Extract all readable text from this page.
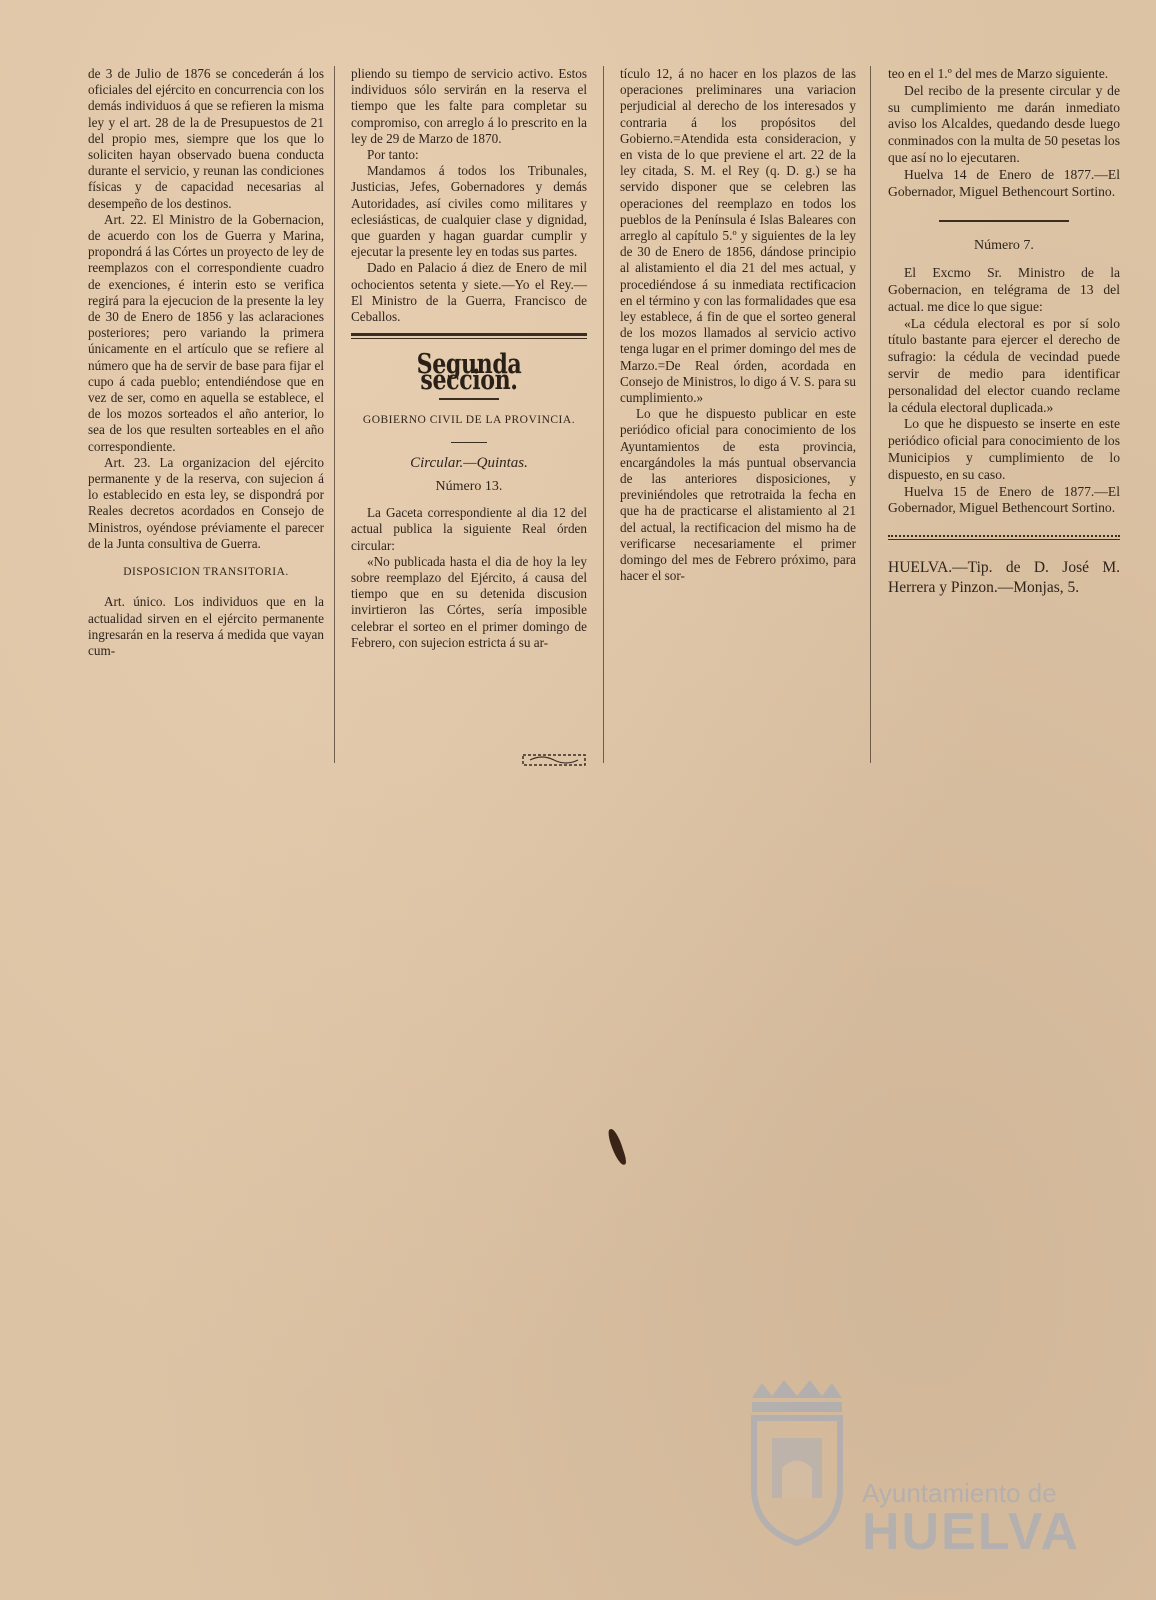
de 3 de Julio de 1876 se concederán á los oficiales del ejército en concurrencia con los demás individuos á que se refieren la misma ley y el art. 28 de la de Presupuestos de 21 del propio mes, siempre que los que lo soliciten hayan observado buena conducta durante el servicio, y reunan las condiciones físicas y de capacidad necesarias al desempeño de los destinos.

Art. 22. El Ministro de la Gobernacion, de acuerdo con los de Guerra y Marina, propondrá á las Córtes un proyecto de ley de reemplazos con el correspondiente cuadro de exenciones, é interin esto se verifica regirá para la ejecucion de la presente la ley de 30 de Enero de 1856 y las aclaraciones posteriores; pero variando la primera únicamente en el artículo que se refiere al número que ha de servir de base para fijar el cupo á cada pueblo; entendiéndose que en vez de ser, como en aquella se establece, el de los mozos sorteados el año anterior, lo sea de los que resulten sorteables en el año correspondiente.

Art. 23. La organizacion del ejército permanente y de la reserva, con sujecion á lo establecido en esta ley, se dispondrá por Reales decretos acordados en Consejo de Ministros, oyéndose préviamente el parecer de la Junta consultiva de Guerra.

DISPOSICION TRANSITORIA.

Art. único. Los individuos que en la actualidad sirven en el ejército permanente ingresarán en la reserva á medida que vayan cum-

pliendo su tiempo de servicio activo. Estos individuos sólo servirán en la reserva el tiempo que les falte para completar su compromiso, con arreglo á lo prescrito en la ley de 29 de Marzo de 1870.

Por tanto:

Mandamos á todos los Tribunales, Justicias, Jefes, Gobernadores y demás Autoridades, así civiles como militares y eclesiásticas, de cualquier clase y dignidad, que guarden y hagan guardar cumplir y ejecutar la presente ley en todas sus partes.

Dado en Palacio á diez de Enero de mil ochocientos setenta y siete.—Yo el Rey.—El Ministro de la Guerra, Francisco de Ceballos.

Segunda seccion.

GOBIERNO CIVIL DE LA PROVINCIA.

Circular.—Quintas.

Número 13.

La Gaceta correspondiente al dia 12 del actual publica la siguiente Real órden circular:

«No publicada hasta el dia de hoy la ley sobre reemplazo del Ejército, á causa del tiempo que en su detenida discusion invirtieron las Córtes, sería imposible celebrar el sorteo en el primer domingo de Febrero, con sujecion estricta á su ar-

tículo 12, á no hacer en los plazos de las operaciones preliminares una variacion perjudicial al derecho de los interesados y contraria á los propósitos del Gobierno.=Atendida esta consideracion, y en vista de lo que previene el art. 22 de la ley citada, S. M. el Rey (q. D. g.) se ha servido disponer que se celebren las operaciones del reemplazo en todos los pueblos de la Península é Islas Baleares con arreglo al capítulo 5.º y siguientes de la ley de 30 de Enero de 1856, dándose principio al alistamiento el dia 21 del mes actual, y procediéndose á su inmediata rectificacion en el término y con las formalidades que esa ley establece, á fin de que el sorteo general de los mozos llamados al servicio activo tenga lugar en el primer domingo del mes de Marzo.=De Real órden, acordada en Consejo de Ministros, lo digo á V. S. para su cumplimiento.»

Lo que he dispuesto publicar en este periódico oficial para conocimiento de los Ayuntamientos de esta provincia, encargándoles la más puntual observancia de las anteriores disposiciones, y previniéndoles que retrotraida la fecha en que ha de practicarse el alistamiento al 21 del actual, la rectificacion del mismo ha de verificarse necesariamente el primer domingo del mes de Febrero próximo, para hacer el sor-

teo en el 1.º del mes de Marzo siguiente.

Del recibo de la presente circular y de su cumplimiento me darán inmediato aviso los Alcaldes, quedando desde luego conminados con la multa de 50 pesetas los que así no lo ejecutaren.

Huelva 14 de Enero de 1877.—El Gobernador, Miguel Bethencourt Sortino.

Número 7.

El Excmo Sr. Ministro de la Gobernacion, en telégrama de 13 del actual. me dice lo que sigue:

«La cédula electoral es por sí solo título bastante para ejercer el derecho de sufragio: la cédula de vecindad puede servir de medio para identificar personalidad del elector cuando reclame la cédula electoral duplicada.»

Lo que he dispuesto se inserte en este periódico oficial para conocimiento de los Municipios y cumplimiento de lo dispuesto, en su caso.

Huelva 15 de Enero de 1877.—El Gobernador, Miguel Bethencourt Sortino.

HUELVA.—Tip. de D. José M. Herrera y Pinzon.—Monjas, 5.

Ayuntamiento de
HUELVA
